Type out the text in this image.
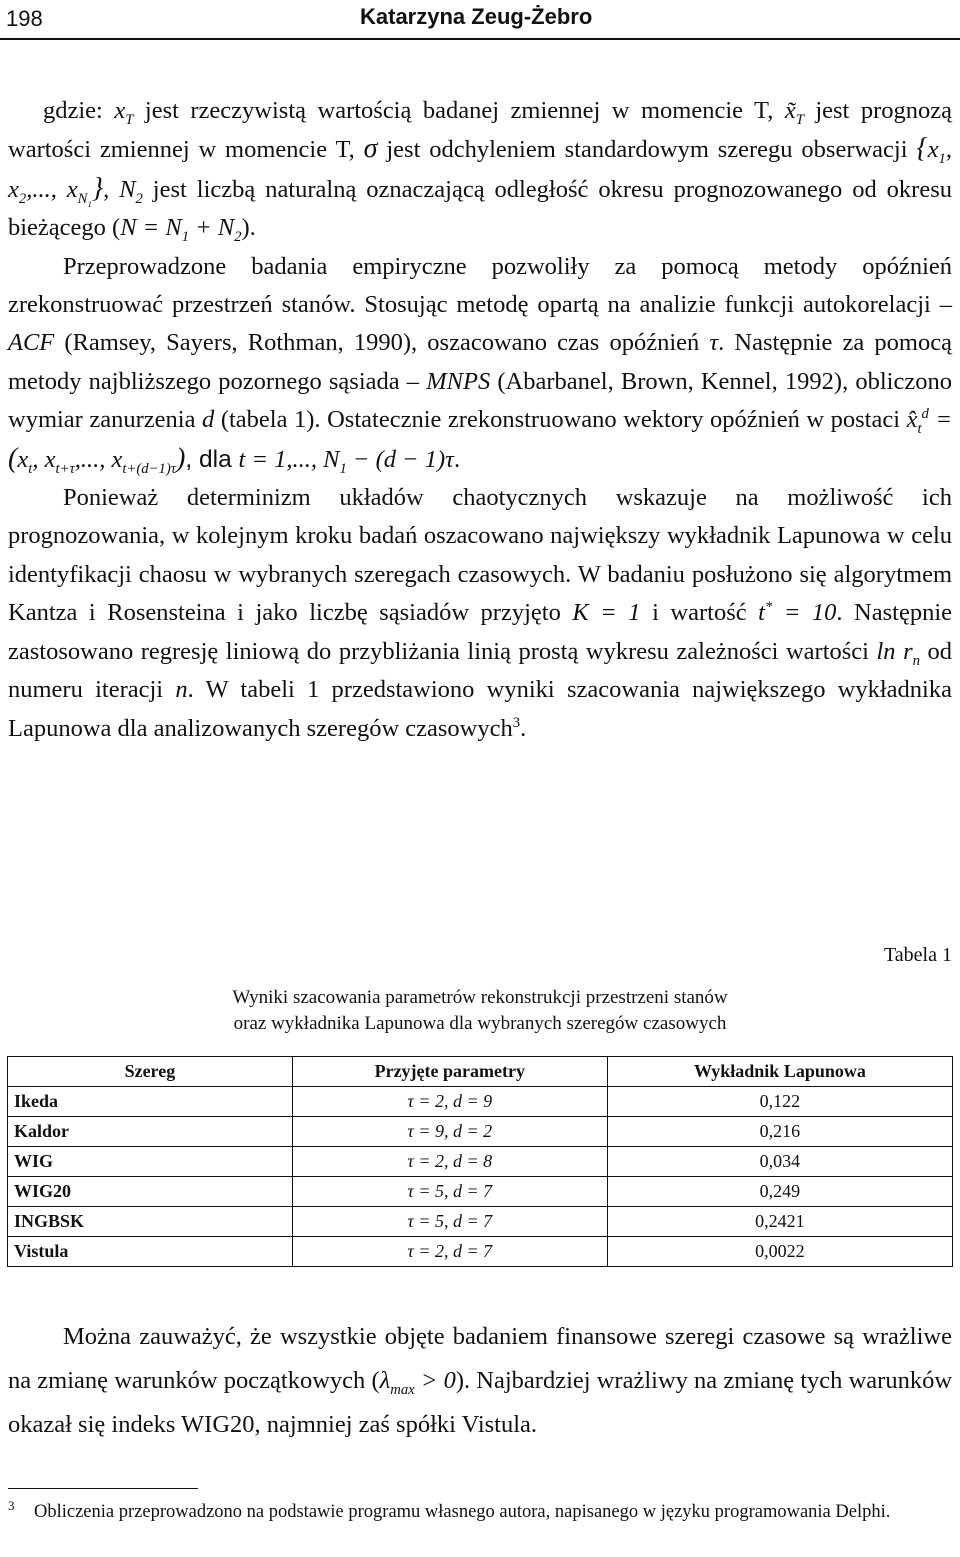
198	Katarzyna Zeug-Żebro

gdzie: $x_T$ jest rzeczywistą wartością badanej zmiennej w momencie T, $x̃_T$ jest prognozą wartości zmiennej w momencie T, σ jest odchyleniem standardowym szeregu obserwacji {$x_1$, $x_2$,..., $x_{N_1}$}, $N_2$ jest liczbą naturalną oznaczającą odległość okresu prognozowanego od okresu bieżącego $(N = N_1 + N_2)$.

Przeprowadzone badania empiryczne pozwoliły za pomocą metody opóźnień zrekonstruować przestrzeń stanów. Stosując metodę opartą na analizie funkcji autokorelacji – ACF (Ramsey, Sayers, Rothman, 1990), oszacowano czas opóźnień τ. Następnie za pomocą metody najbliższego pozornego sąsiada – MNPS (Abarbanel, Brown, Kennel, 1992), obliczono wymiar zanurzenia d (tabela 1). Ostatecznie zrekonstruowano wektory opóźnień w postaci $x̂_t^d = (x_t$, $x_{t+\tau}$,..., $x_{t+(d-1)\tau}$), dla t = 1,..., $N_1 - (d - 1)\tau$.

Ponieważ determinizm układów chaotycznych wskazuje na możliwość ich prognozowania, w kolejnym kroku badań oszacowano największy wykładnik Lapunowa w celu identyfikacji chaosu w wybranych szeregach czasowych. W badaniu posłużono się algorytmem Kantza i Rosensteina i jako liczbę sąsiadów przyjęto K = 1 i wartość t* = 10. Następnie zastosowano regresję liniową do przybliżania linią prostą wykresu zależności wartości $\ln r_n$ od numeru iteracji n. W tabeli 1 przedstawiono wyniki szacowania największego wykładnika Lapunowa dla analizowanych szeregów czasowych$^3$.

Tabela 1
Wyniki szacowania parametrów rekonstrukcji przestrzeni stanów
oraz wykładnika Lapunowa dla wybranych szeregów czasowych
Szereg	Przyjęte parametry	Wykładnik Lapunowa
Ikeda	τ = 2, d = 9	0,122
Kaldor	τ = 9, d = 2	0,216
WIG	τ = 2, d = 8	0,034
WIG20	τ = 5, d = 7	0,249
INGBSK	τ = 5, d = 7	0,2421
Vistula	τ = 2, d = 7	0,0022

Można zauważyć, że wszystkie objęte badaniem finansowe szeregi czasowe są wrażliwe na zmianę warunków początkowych $(\lambda_{max} > 0)$. Najbardziej wrażliwy na zmianę tych warunków okazał się indeks WIG20, najmniej zaś spółki Vistula.

3 Obliczenia przeprowadzono na podstawie programu własnego autora, napisanego w języku programowania Delphi.
